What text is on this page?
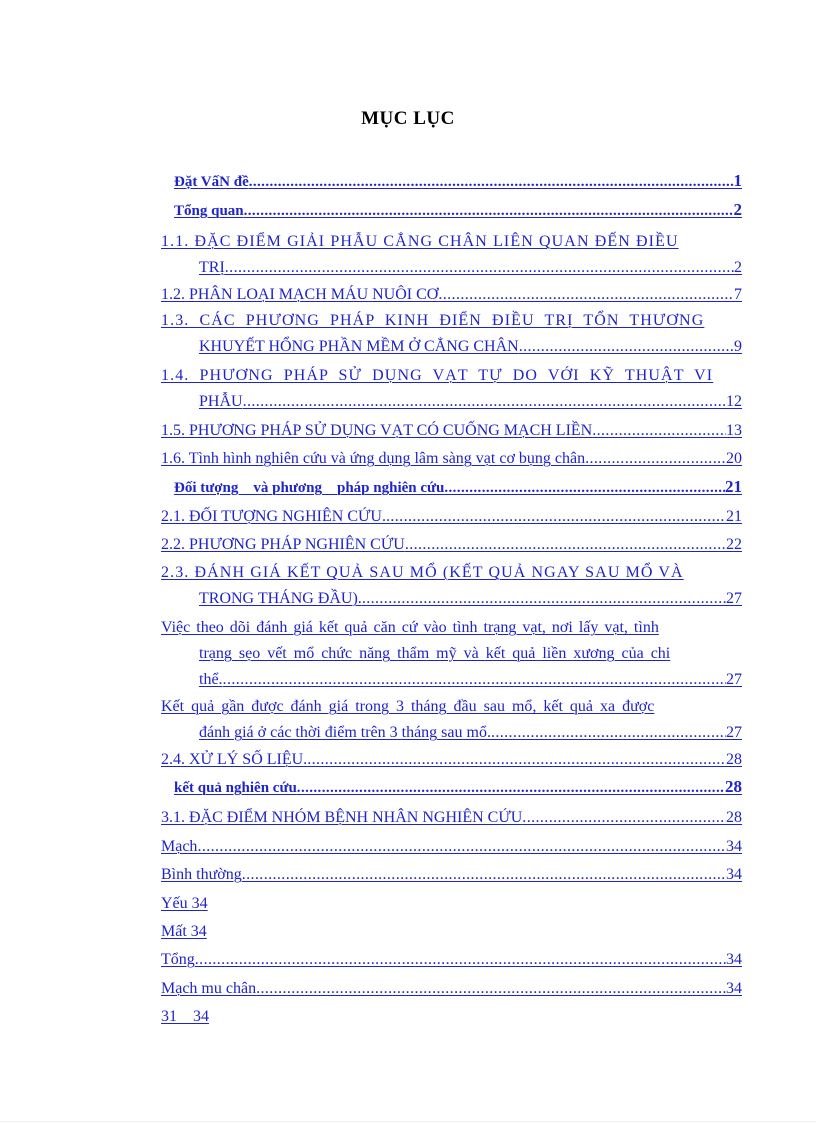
MỤC LỤC
Đặt VấN đề .....	1
Tổng quan .....	2
1.1. ĐẶC ĐIỂM GIẢI PHẪU CẲNG CHÂN LIÊN QUAN ĐẾN ĐIỀU
TRỊ .....	2
1.2. PHÂN LOẠI MẠCH MÁU NUÔI CƠ .....	7
1.3. CÁC PHƯƠNG PHÁP KINH ĐIỂN ĐIỀU TRỊ TỔN THƯƠNG
KHUYẾT HỔNG PHẦN MỀM Ở CẲNG CHÂN .....	9
1.4. PHƯƠNG PHÁP SỬ DỤNG VẠT TỰ DO VỚI KỸ THUẬT VI
PHẪU .....	12
1.5. PHƯƠNG PHÁP SỬ DỤNG VẠT CÓ CUỐNG MẠCH LIỀN .....	13
1.6. Tình hình nghiên cứu và ứng dụng lâm sàng vạt cơ bụng chân .....	20
Đối tượng    và phương    pháp nghiên cứu .....	21
2.1. ĐỐI TƯỢNG NGHIÊN CỨU. .....	21
2.2. PHƯƠNG PHÁP NGHIÊN CỨU .....	22
2.3. ĐÁNH GIÁ KẾT QUẢ SAU MỔ (KẾT QUẢ NGAY SAU MỔ VÀ
TRONG THÁNG ĐẦU). .....	27
Việc theo dõi đánh giá kết quả căn cứ vào tình trạng vạt, nơi lấy vạt, tình
trạng sẹo vết mổ chức năng thẩm mỹ và kết quả liền xương của chi
thể. .....	27
Kết quả gần được đánh giá trong 3 tháng đầu sau mổ, kết quả xa được
đánh giá ở các thời điểm trên 3 tháng sau mổ. .....	27
2.4. XỬ LÝ SỐ LIỆU. .....	28
kết quả nghiên cứu .....	28
3.1. ĐẶC ĐIỂM NHÓM BỆNH NHÂN NGHIÊN CỨU .....	28
Mạch .....	34
Bình thường .....	34
Yếu 34
Mất 34
Tổng .....	34
Mạch mu chân .....	34
31    34
